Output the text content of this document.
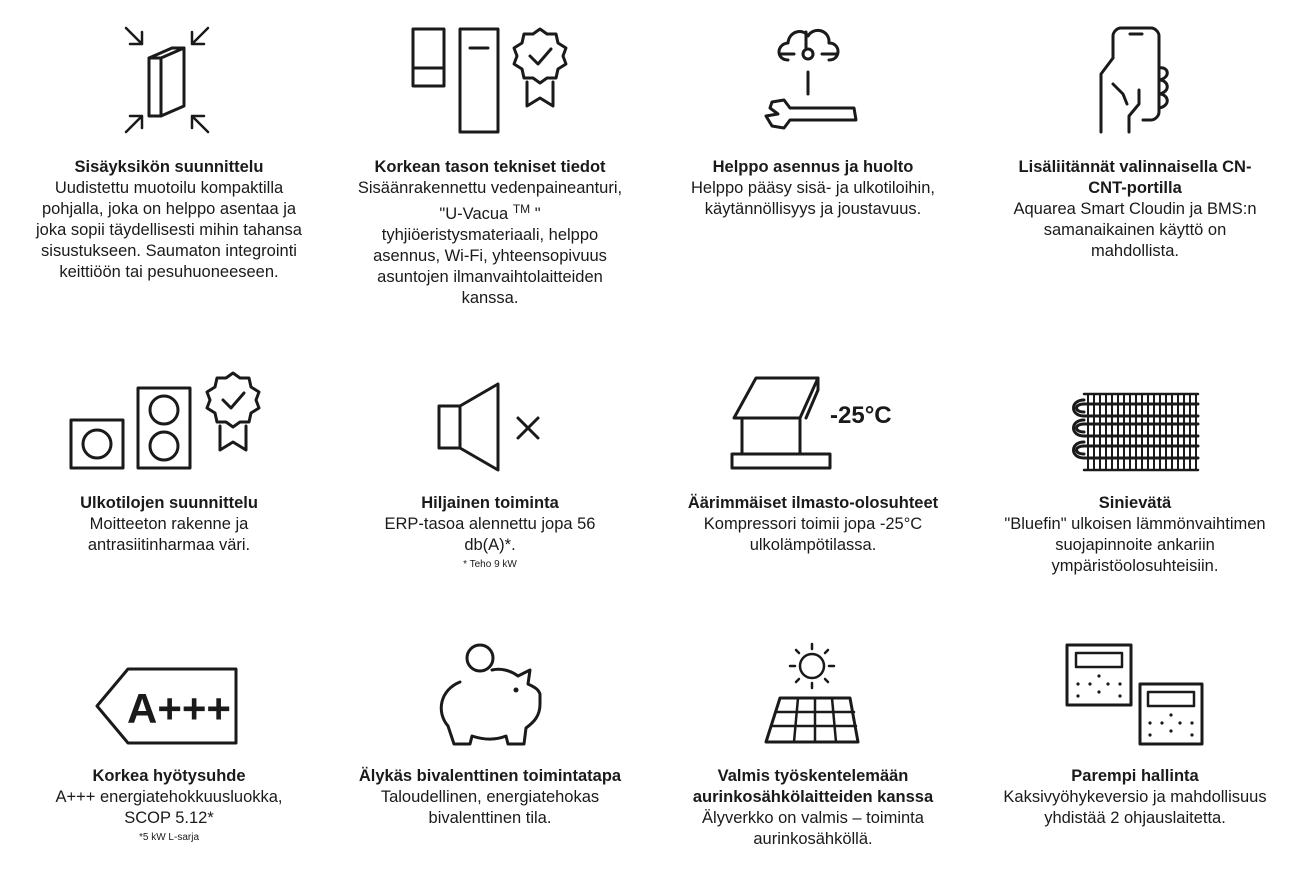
Sisäyksikön suunnittelu
Uudistettu muotoilu kompaktilla
pohjalla, joka on helppo asentaa ja
joka sopii täydellisesti mihin tahansa
sisustukseen. Saumaton integrointi
keittiöön tai pesuhuoneeseen.
Korkean tason tekniset tiedot
Sisäänrakennettu vedenpaineanturi,
"U-Vacua ™ "
tyhjiöeristysmateriaali, helppo
asennus, Wi-Fi, yhteensopivuus
asuntojen ilmanvaihtolaitteiden
kanssa.
Helppo asennus ja huolto
Helppo pääsy sisä- ja ulkotiloihin,
käytännöllisyys ja joustavuus.
Lisäliitännät valinnaisella CN-
CNT-portilla
Aquarea Smart Cloudin ja BMS:n
samanaikainen käyttö on
mahdollista.
Ulkotilojen suunnittelu
Moitteeton rakenne ja
antrasiitinharmaa väri.
Hiljainen toiminta
ERP-tasoa alennettu jopa 56
db(A)*.
* Teho 9 kW
-25°C
Äärimmäiset ilmasto-olosuhteet
Kompressori toimii jopa -25°C
ulkolämpötilassa.
Sinievätä
"Bluefin" ulkoisen lämmönvaihtimen
suojapinnoite ankariin
ympäristöolosuhteisiin.
A+++
Korkea hyötysuhde
A+++ energiatehokkuusluokka,
SCOP 5.12*
*5 kW L-sarja
Älykäs bivalenttinen toimintatapa
Taloudellinen, energiatehokas
bivalenttinen tila.
Valmis työskentelemään
aurinkosähkölaitteiden kanssa
Älyverkko on valmis – toiminta
aurinkosähköllä.
Parempi hallinta
Kaksivyöhykeversio ja mahdollisuus
yhdistää 2 ohjauslaitetta.
